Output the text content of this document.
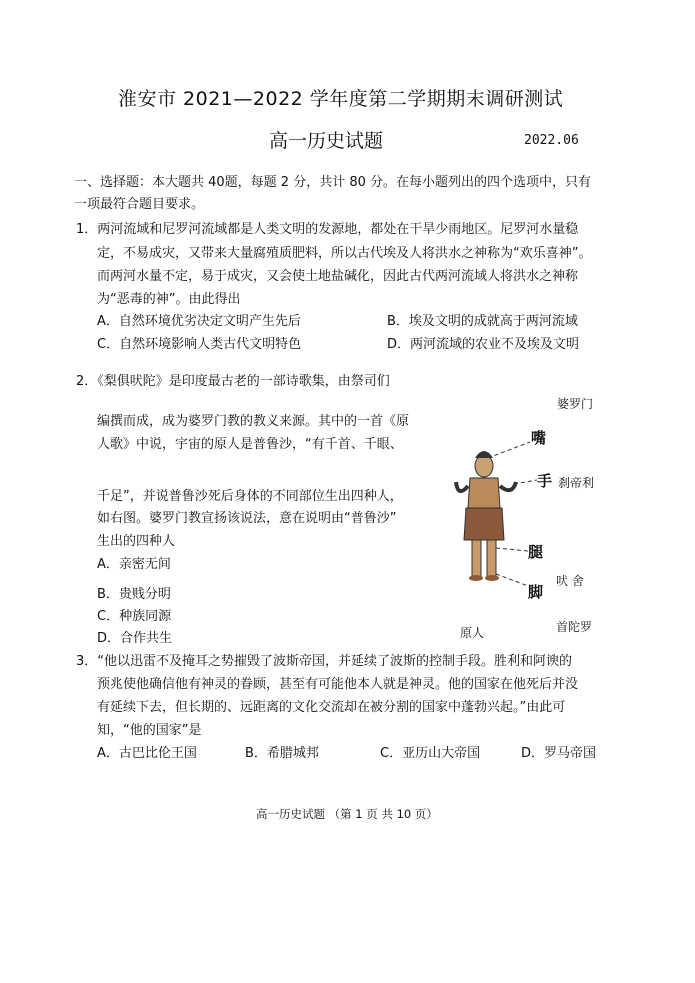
淮安市 2021—2022 学年度第二学期期末调研测试
高一历史试题	2022.06
一、选择题：本大题共 40题，每题 2 分，共计 80 分。在每小题列出的四个选项中，只有
一项最符合题目要求。
1．两河流域和尼罗河流域都是人类文明的发源地，都处在干旱少雨地区。尼罗河水量稳
定，不易成灾，又带来大量腐殖质肥料，所以古代埃及人将洪水之神称为“欢乐喜神”。
而两河水量不定，易于成灾，又会使土地盐碱化，因此古代两河流域人将洪水之神称
为“恶毒的神”。由此得出
A．自然环境优劣决定文明产生先后	B．埃及文明的成就高于两河流域
C．自然环境影响人类古代文明特色	D．两河流域的农业不及埃及文明
2．《梨俱吠陀》是印度最古老的一部诗歌集，由祭司们
编撰而成，成为婆罗门教的教义来源。其中的一首《原
人歌》中说，宇宙的原人是普鲁沙，“有千首、千眼、
千足”，并说普鲁沙死后身体的不同部位生出四种人，
如右图。婆罗门教宣扬该说法，意在说明由“普鲁沙”
生出的四种人
A．亲密无间
B．贵贱分明
C．种族同源
D．合作共生
婆罗门
嘴
手 刹帝利
腿
吠 舍
脚
首陀罗
原人
3．“他以迅雷不及掩耳之势摧毁了波斯帝国，并延续了波斯的控制手段。胜利和阿谀的
预兆使他确信他有神灵的眷顾，甚至有可能他本人就是神灵。他的国家在他死后并没
有延续下去，但长期的、远距离的文化交流却在被分割的国家中蓬勃兴起。”由此可
知，“他的国家”是
A．古巴比伦王国	B．希腊城邦	C．亚历山大帝国	D．罗马帝国
高一历史试题 （第 1 页 共 10 页）
